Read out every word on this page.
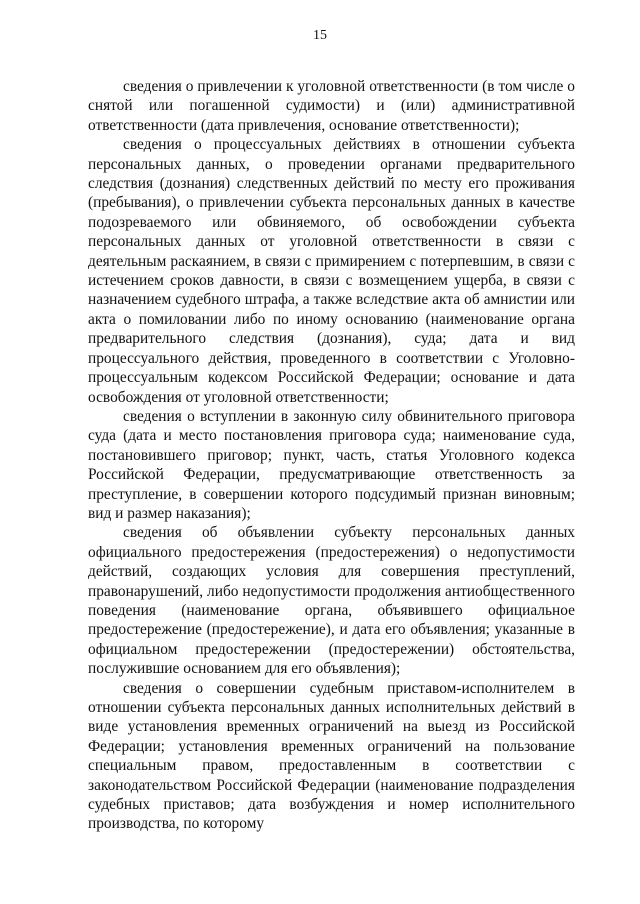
15

сведения о привлечении к уголовной ответственности (в том числе о снятой или погашенной судимости) и (или) административной ответственности (дата привлечения, основание ответственности);

сведения о процессуальных действиях в отношении субъекта персональных данных, о проведении органами предварительного следствия (дознания) следственных действий по месту его проживания (пребывания), о привлечении субъекта персональных данных в качестве подозреваемого или обвиняемого, об освобождении субъекта персональных данных от уголовной ответственности в связи с деятельным раскаянием, в связи с примирением с потерпевшим, в связи с истечением сроков давности, в связи с возмещением ущерба, в связи с назначением судебного штрафа, а также вследствие акта об амнистии или акта о помиловании либо по иному основанию (наименование органа предварительного следствия (дознания), суда; дата и вид процессуального действия, проведенного в соответствии с Уголовно-процессуальным кодексом Российской Федерации; основание и дата освобождения от уголовной ответственности;

сведения о вступлении в законную силу обвинительного приговора суда (дата и место постановления приговора суда; наименование суда, постановившего приговор; пункт, часть, статья Уголовного кодекса Российской Федерации, предусматривающие ответственность за преступление, в совершении которого подсудимый признан виновным; вид и размер наказания);

сведения об объявлении субъекту персональных данных официального предостережения (предостережения) о недопустимости действий, создающих условия для совершения преступлений, правонарушений, либо недопустимости продолжения антиобщественного поведения (наименование органа, объявившего официальное предостережение (предостережение), и дата его объявления; указанные в официальном предостережении (предостережении) обстоятельства, послужившие основанием для его объявления);

сведения о совершении судебным приставом-исполнителем в отношении субъекта персональных данных исполнительных действий в виде установления временных ограничений на выезд из Российской Федерации; установления временных ограничений на пользование специальным правом, предоставленным в соответствии с законодательством Российской Федерации (наименование подразделения судебных приставов; дата возбуждения и номер исполнительного производства, по которому
